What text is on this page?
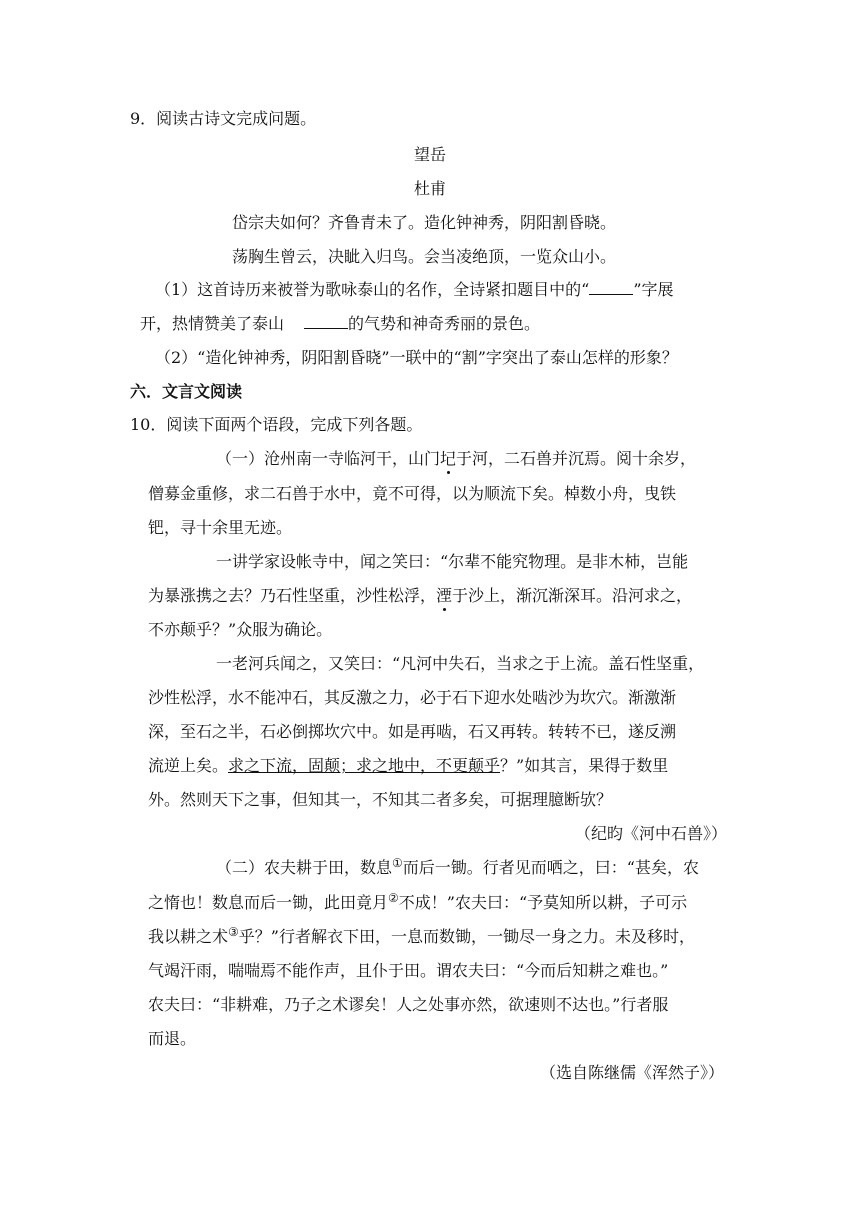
9．阅读古诗文完成问题。
望岳
杜甫
岱宗夫如何？齐鲁青未了。造化钟神秀，阴阳割昏晓。
荡胸生曾云，决眦入归鸟。会当凌绝顶，一览众山小。
（1）这首诗历来被誉为歌咏泰山的名作，全诗紧扣题目中的“	”字展
开，热情赞美了泰山	的气势和神奇秀丽的景色。
（2）“造化钟神秀，阴阳割昏晓”一联中的“割”字突出了泰山怎样的形象？
六．文言文阅读
10．阅读下面两个语段，完成下列各题。
（一）沧州南一寺临河干，山门圮于河，二石兽并沉焉。阅十余岁，
僧募金重修，求二石兽于水中，竟不可得，以为顺流下矣。棹数小舟，曳铁
钯，寻十余里无迹。
一讲学家设帐寺中，闻之笑曰：“尔辈不能究物理。是非木杮，岂能
为暴涨携之去？乃石性坚重，沙性松浮，湮于沙上，渐沉渐深耳。沿河求之，
不亦颠乎？”众服为确论。
一老河兵闻之，又笑曰：“凡河中失石，当求之于上流。盖石性坚重，
沙性松浮，水不能冲石，其反激之力，必于石下迎水处啮沙为坎穴。渐激渐
深，至石之半，石必倒掷坎穴中。如是再啮，石又再转。转转不已，遂反溯
流逆上矣。求之下流，固颠；求之地中，不更颠乎？”如其言，果得于数里
外。然则天下之事，但知其一，不知其二者多矣，可据理臆断欤？
（纪昀《河中石兽》）
（二）农夫耕于田，数息①而后一锄。行者见而哂之，曰：“甚矣，农
之惰也！数息而后一锄，此田竟月②不成！”农夫曰：“予莫知所以耕，子可示
我以耕之术③乎？”行者解衣下田，一息而数锄，一锄尽一身之力。未及移时，
气竭汗雨，喘喘焉不能作声，且仆于田。谓农夫曰：“今而后知耕之难也。”
农夫曰：“非耕难，乃子之术谬矣！人之处事亦然，欲速则不达也。”行者服
而退。
（选自陈继儒《浑然子》）
